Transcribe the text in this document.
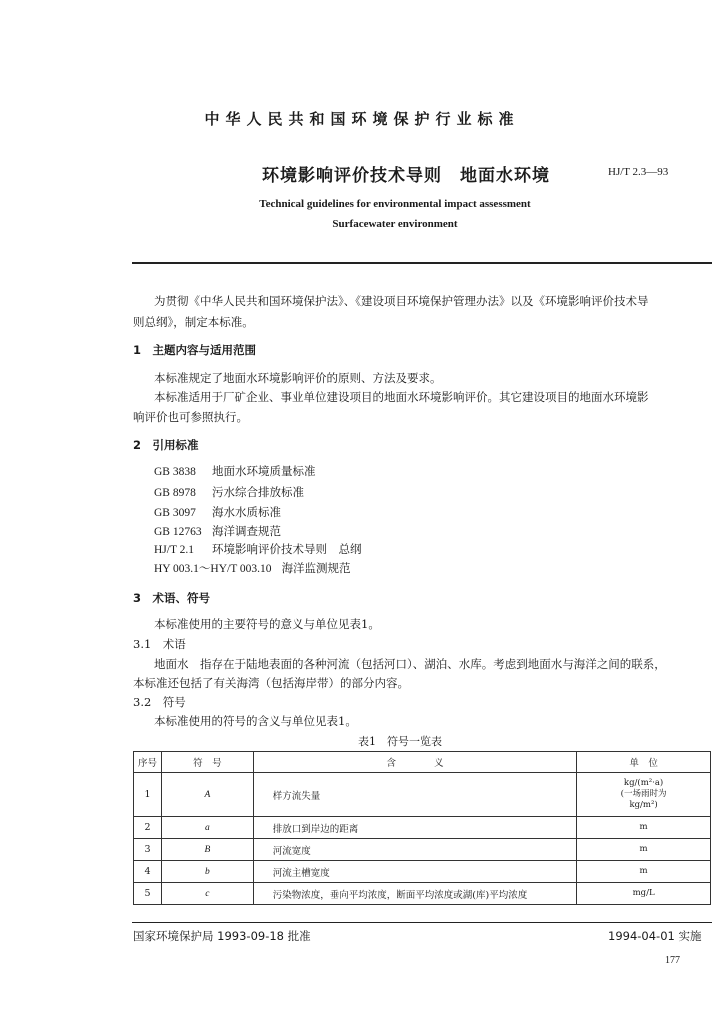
中华人民共和国环境保护行业标准
环境影响评价技术导则　地面水环境	HJ/T 2.3—93
Technical guidelines for environmental impact assessment
Surfacewater environment
为贯彻《中华人民共和国环境保护法》、《建设项目环境保护管理办法》以及《环境影响评价技术导
则总纲》，制定本标准。
1　主题内容与适用范围
本标准规定了地面水环境影响评价的原则、方法及要求。
本标准适用于厂矿企业、事业单位建设项目的地面水环境影响评价。其它建设项目的地面水环境影
响评价也可参照执行。
2　引用标准
GB 3838 地面水环境质量标准
GB 8978 污水综合排放标准
GB 3097 海水水质标准
GB 12763 海洋调查规范
HJ/T 2.1 环境影响评价技术导则　总纲
HY 003.1～HY/T 003.10 海洋监测规范
3　术语、符号
本标准使用的主要符号的意义与单位见表1。
3.1　术语
地面水　指存在于陆地表面的各种河流（包括河口）、湖泊、水库。考虑到地面水与海洋之间的联系，
本标准还包括了有关海湾（包括海岸带）的部分内容。
3.2　符号
本标准使用的符号的含义与单位见表1。
表1　符号一览表
序号	符　号	含　　　　义	单　位
1	A	样方流失量	kg/(m²·a)
(一场雨时为
kg/m²)

2	a	排放口到岸边的距离	m
3	B	河流宽度	m
4	b	河流主槽宽度	m
5	c	污染物浓度，垂向平均浓度，断面平均浓度或湖(库)平均浓度	mg/L
国家环境保护局 1993-09-18 批准	1994-04-01 实施
177
